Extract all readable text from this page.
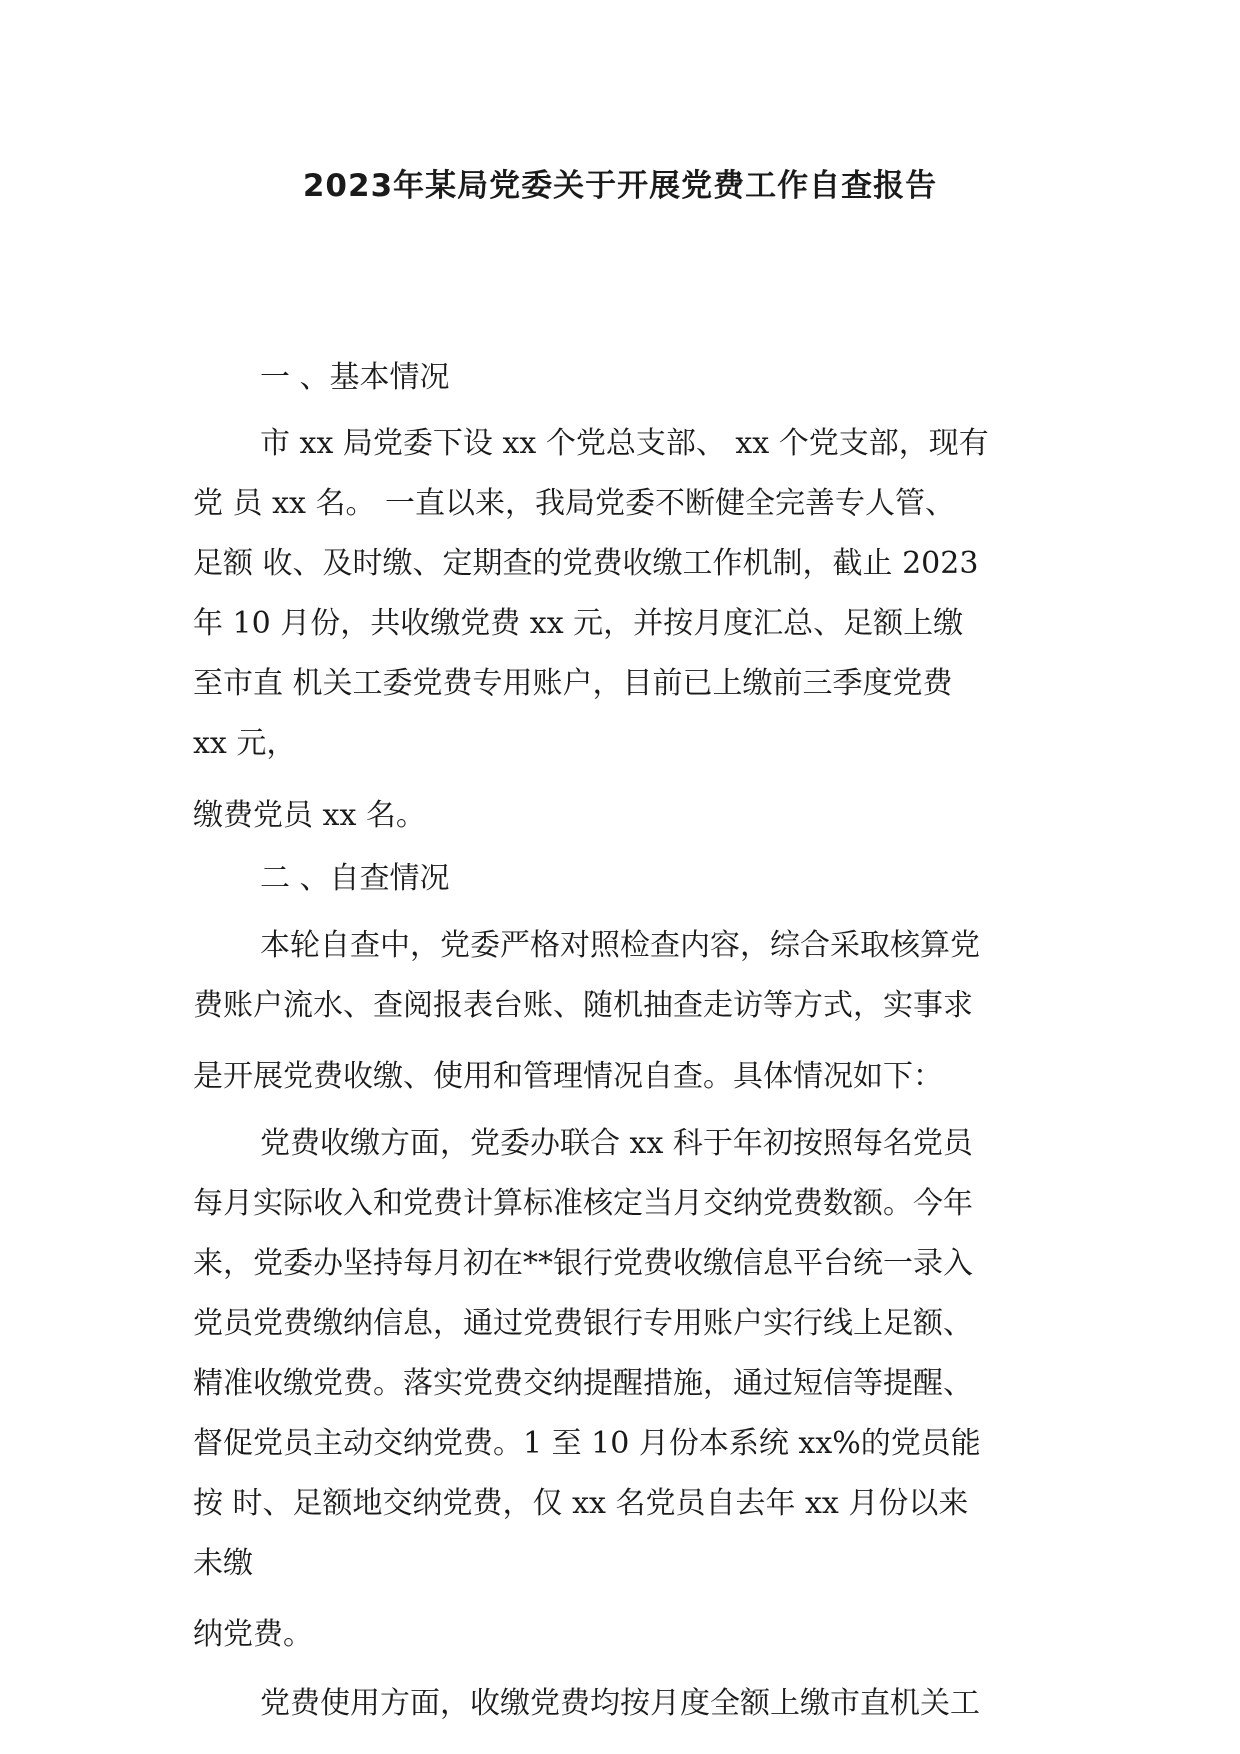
2023年某局党委关于开展党费工作自查报告
一 、基本情况
市 xx 局党委下设 xx 个党总支部、 xx 个党支部，现有
党 员 xx 名。 一直以来，我局党委不断健全完善专人管、
足额 收、及时缴、定期查的党费收缴工作机制，截止 2023
年 10 月份，共收缴党费 xx 元，并按月度汇总、足额上缴
至市直 机关工委党费专用账户，目前已上缴前三季度党费
xx 元，
缴费党员 xx 名。
二 、自查情况
本轮自查中，党委严格对照检查内容，综合采取核算党
费账户流水、查阅报表台账、随机抽查走访等方式，实事求
是开展党费收缴、使用和管理情况自查。具体情况如下：
党费收缴方面，党委办联合 xx 科于年初按照每名党员
每月实际收入和党费计算标准核定当月交纳党费数额。今年
来，党委办坚持每月初在**银行党费收缴信息平台统一录入
党员党费缴纳信息，通过党费银行专用账户实行线上足额、
精准收缴党费。落实党费交纳提醒措施，通过短信等提醒、
督促党员主动交纳党费。1 至 10 月份本系统 xx%的党员能
按 时、足额地交纳党费，仅 xx 名党员自去年 xx 月份以来
未缴
纳党费。
党费使用方面，收缴党费均按月度全额上缴市直机关工
